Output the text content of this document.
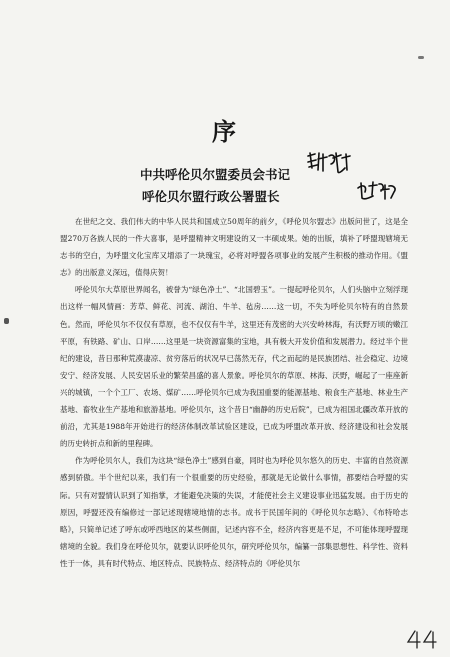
序
中共呼伦贝尔盟委员会书记
呼伦贝尔盟行政公署盟长

在世纪之交、我们伟大的中华人民共和国成立50周年的前夕，《呼伦贝尔盟志》出版问世了，这是全盟270万各族人民的一件大喜事，是呼盟精神文明建设的又一丰硕成果。她的出版，填补了呼盟现辖境无志书的空白，为呼盟文化宝库又增添了一块瑰宝，必将对呼盟各项事业的发展产生积极的推动作用。《盟志》的出版意义深远，值得庆贺！

呼伦贝尔大草原世界闻名，被誉为“绿色净土”、“北国碧玉”。一提起呼伦贝尔，人们头脑中立刻浮现出这样一幅风情画：芳草、鲜花、河流、湖泊、牛羊、毡房……这一切，不失为呼伦贝尔特有的自然景色。然而，呼伦贝尔不仅仅有草原，也不仅仅有牛羊，这里还有茂密的大兴安岭林海，有沃野万顷的嫩江平原，有铁路、矿山、口岸……这里是一块资源富集的宝地，具有极大开发价值和发展潜力。经过半个世纪的建设，昔日那种荒漠凄凉、贫穷落后的状况早已荡然无存，代之而起的是民族团结、社会稳定、边境安宁、经济发展、人民安居乐业的繁荣昌盛的喜人景象。呼伦贝尔的草原、林海、沃野，崛起了一座座新兴的城镇，一个个工厂、农场、煤矿……呼伦贝尔已成为我国重要的能源基地、粮食生产基地、林业生产基地、畜牧业生产基地和旅游基地。呼伦贝尔，这个昔日“幽静的历史后院”，已成为祖国北疆改革开放的前沿，尤其是1988年开始进行的经济体制改革试验区建设，已成为呼盟改革开放、经济建设和社会发展的历史转折点和新的里程碑。

作为呼伦贝尔人，我们为这块“绿色净土”感到自豪，同时也为呼伦贝尔悠久的历史、丰富的自然资源感到骄傲。半个世纪以来，我们有一个很重要的历史经验，那就是无论做什么事情，都要结合呼盟的实际。只有对盟情认识到了知指掌，才能避免决策的失误，才能使社会主义建设事业迅猛发展。由于历史的原因，呼盟还没有编修过一部记述现辖境地情的志书。成书于民国年间的《呼伦贝尔志略》、《布特哈志略》，只简单记述了呼东或呼西地区的某些侧面，记述内容不全，经济内容更是不足，不可能体现呼盟现辖境的全貌。我们身在呼伦贝尔，就要认识呼伦贝尔，研究呼伦贝尔，编纂一部集思想性、科学性、资料性于一体，具有时代特点、地区特点、民族特点、经济特点的《呼伦贝尔
